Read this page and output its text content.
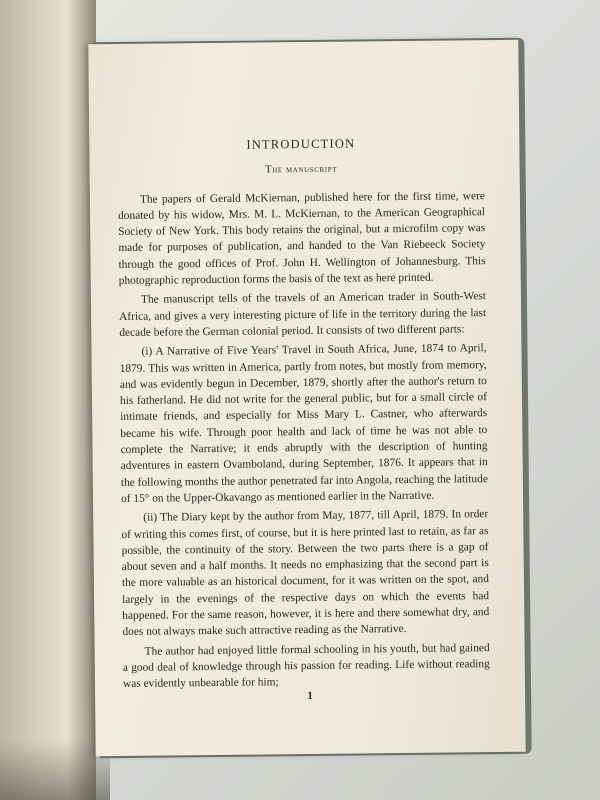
INTRODUCTION
The manuscript

The papers of Gerald McKiernan, published here for the first time, were donated by his widow, Mrs. M. L. McKiernan, to the American Geographical Society of New York. This body retains the original, but a microfilm copy was made for purposes of publication, and handed to the Van Riebeeck Society through the good offices of Prof. John H. Wellington of Johannesburg. This photographic reproduction forms the basis of the text as here printed.

The manuscript tells of the travels of an American trader in South-West Africa, and gives a very interesting picture of life in the territory during the last decade before the German colonial period. It consists of two different parts:

(i) A Narrative of Five Years' Travel in South Africa, June, 1874 to April, 1879. This was written in America, partly from notes, but mostly from memory, and was evidently begun in December, 1879, shortly after the author's return to his fatherland. He did not write for the general public, but for a small circle of intimate friends, and especially for Miss Mary L. Castner, who afterwards became his wife. Through poor health and lack of time he was not able to complete the Narrative; it ends abruptly with the description of hunting adventures in eastern Ovamboland, during September, 1876. It appears that in the following months the author penetrated far into Angola, reaching the latitude of 15° on the Upper-Okavango as mentioned earlier in the Narrative.

(ii) The Diary kept by the author from May, 1877, till April, 1879. In order of writing this comes first, of course, but it is here printed last to retain, as far as possible, the continuity of the story. Between the two parts there is a gap of about seven and a half months. It needs no emphasizing that the second part is the more valuable as an historical document, for it was written on the spot, and largely in the evenings of the respective days on which the events had happened. For the same reason, however, it is here and there somewhat dry, and does not always make such attractive reading as the Narrative.

The author had enjoyed little formal schooling in his youth, but had gained a good deal of knowledge through his passion for reading. Life without reading was evidently unbearable for him;

1
